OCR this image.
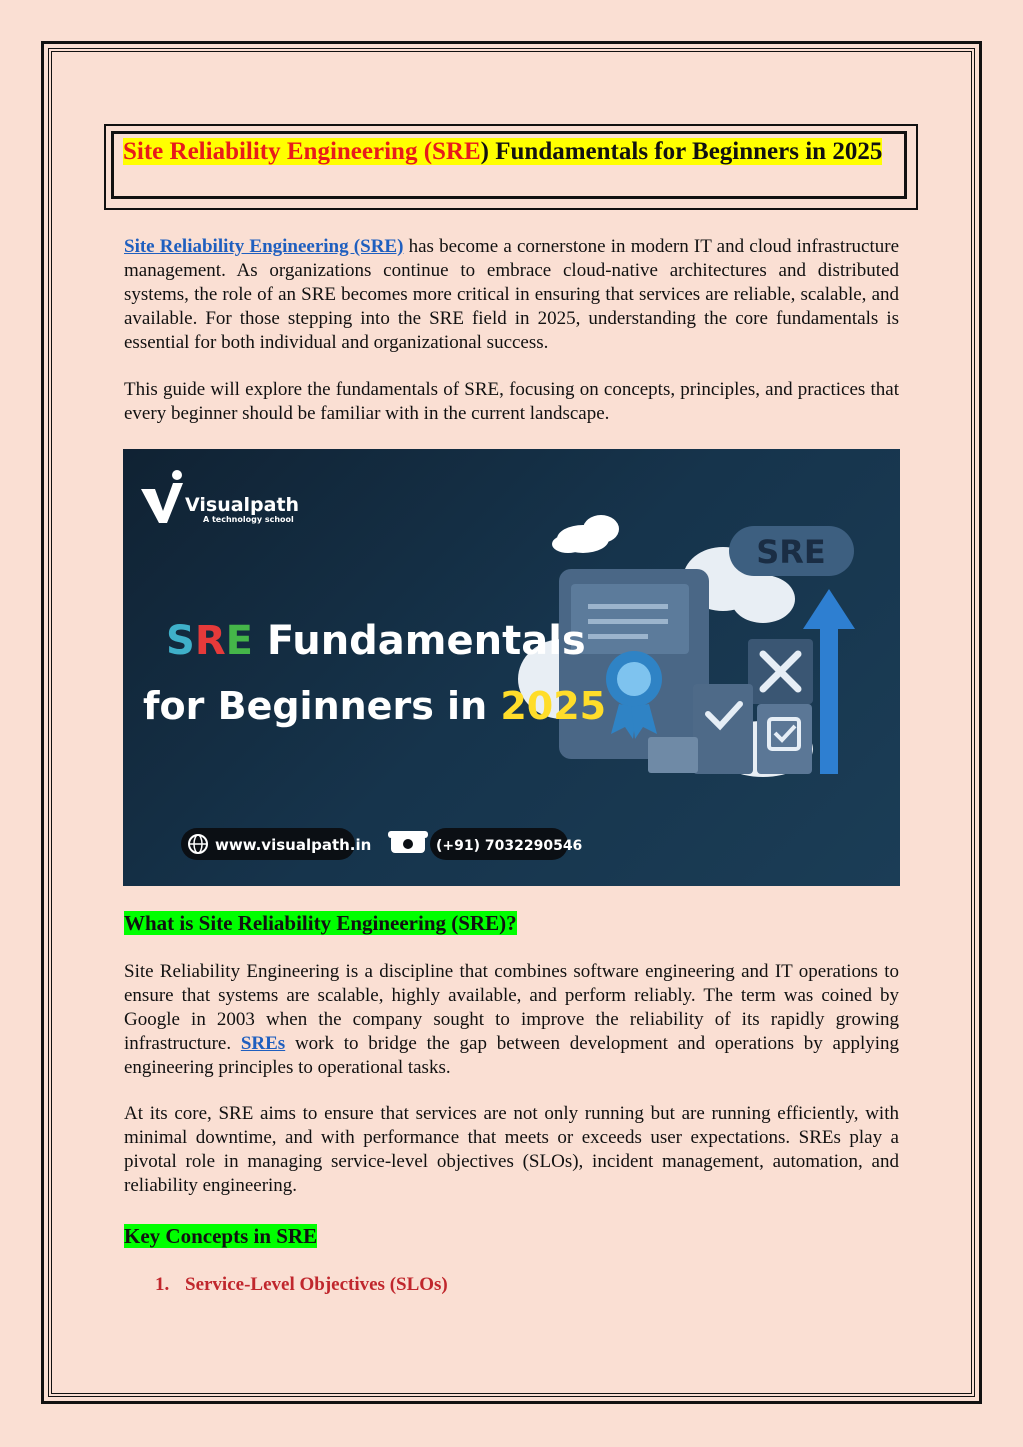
Site Reliability Engineering (SRE) Fundamentals for Beginners in 2025

Site Reliability Engineering (SRE) has become a cornerstone in modern IT and cloud infrastructure management. As organizations continue to embrace cloud-native architectures and distributed systems, the role of an SRE becomes more critical in ensuring that services are reliable, scalable, and available. For those stepping into the SRE field in 2025, understanding the core fundamentals is essential for both individual and organizational success.

This guide will explore the fundamentals of SRE, focusing on concepts, principles, and practices that every beginner should be familiar with in the current landscape.

Visualpath
A technology school
SRE
SRE Fundamentals
for Beginners in 2025
www.visualpath.in	(+91) 7032290546
What is Site Reliability Engineering (SRE)?

Site Reliability Engineering is a discipline that combines software engineering and IT operations to ensure that systems are scalable, highly available, and perform reliably. The term was coined by Google in 2003 when the company sought to improve the reliability of its rapidly growing infrastructure. SREs work to bridge the gap between development and operations by applying engineering principles to operational tasks.

At its core, SRE aims to ensure that services are not only running but are running efficiently, with minimal downtime, and with performance that meets or exceeds user expectations. SREs play a pivotal role in managing service-level objectives (SLOs), incident management, automation, and reliability engineering.

Key Concepts in SRE

1. Service-Level Objectives (SLOs)
